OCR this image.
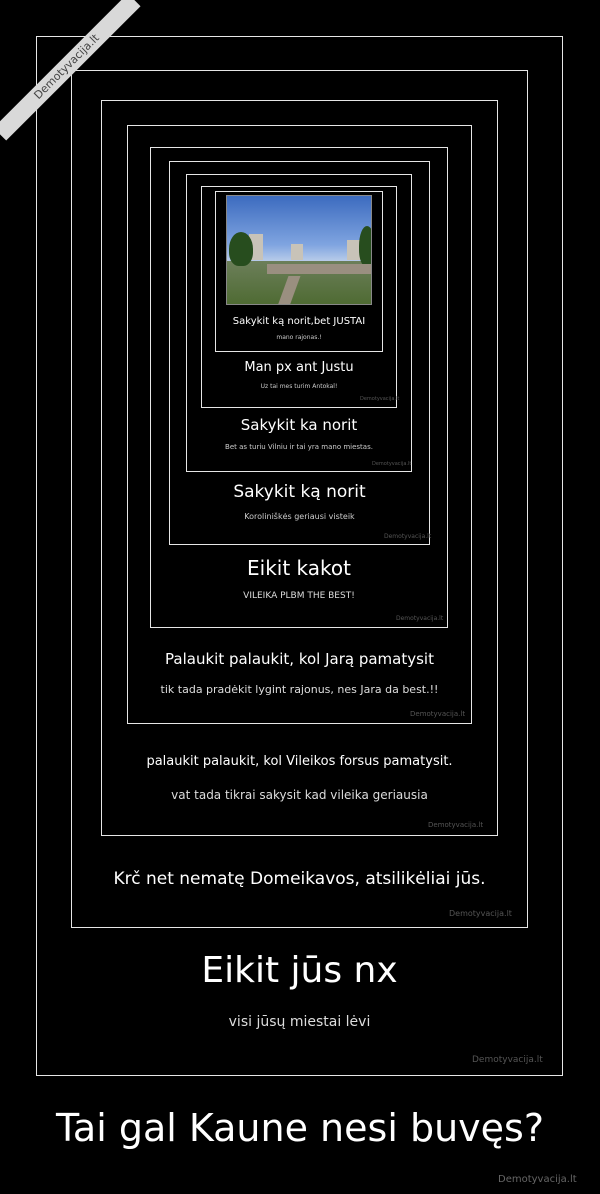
Sakykit ką norit,bet JUSTAI
mano rajonas.!
Man px ant Justu
Uz tai mes turim Antokal!
Demotyvacija.lt
Sakykit ka norit
Bet as turiu Vilniu ir tai yra mano miestas.
Demotyvacija.lt
Sakykit ką norit
Koroliniškės geriausi visteik
Demotyvacija.lt
Eikit kakot
VILEIKA PLBM THE BEST!
Demotyvacija.lt
Palaukit palaukit, kol Jarą pamatysit
tik tada pradėkit lygint rajonus, nes Jara da best.!!
Demotyvacija.lt
palaukit palaukit, kol Vileikos forsus pamatysit.
vat tada tikrai sakysit kad vileika geriausia
Demotyvacija.lt
Krč net nematę Domeikavos, atsilikėliai jūs.
Demotyvacija.lt
Eikit jūs nx
visi jūsų miestai lėvi
Demotyvacija.lt
Tai gal Kaune nesi buvęs?
Demotyvacija.lt
Demotyvacija.lt
